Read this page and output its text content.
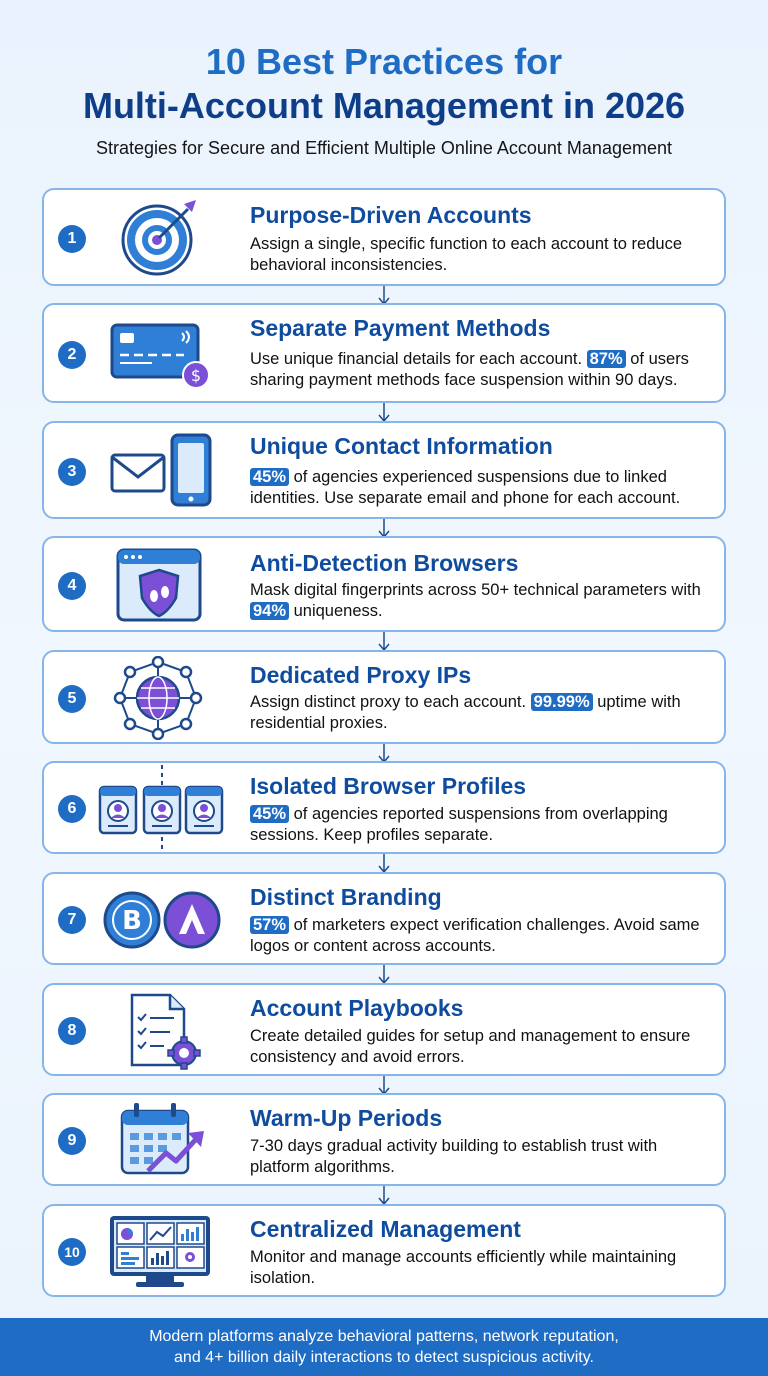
10 Best Practices for
Multi-Account Management in 2026
Strategies for Secure and Efficient Multiple Online Account Management
1
Purpose-Driven Accounts
Assign a single, specific function to each account to reduce behavioral inconsistencies.
2
$
Separate Payment Methods
Use unique financial details for each account. 87% of users sharing payment methods face suspension within 90 days.
3
Unique Contact Information
45% of agencies experienced suspensions due to linked identities. Use separate email and phone for each account.
4
Anti-Detection Browsers
Mask digital fingerprints across 50+ technical parameters with 94% uniqueness.
5
Dedicated Proxy IPs
Assign distinct proxy to each account. 99.99% uptime with residential proxies.
6
Isolated Browser Profiles
45% of agencies reported suspensions from overlapping sessions. Keep profiles separate.
7	B
Distinct Branding
57% of marketers expect verification challenges. Avoid same logos or content across accounts.
8
Account Playbooks
Create detailed guides for setup and management to ensure consistency and avoid errors.
9
Warm-Up Periods
7-30 days gradual activity building to establish trust with platform algorithms.
10
Centralized Management
Monitor and manage accounts efficiently while maintaining isolation.
Modern platforms analyze behavioral patterns, network reputation,
and 4+ billion daily interactions to detect suspicious activity.
